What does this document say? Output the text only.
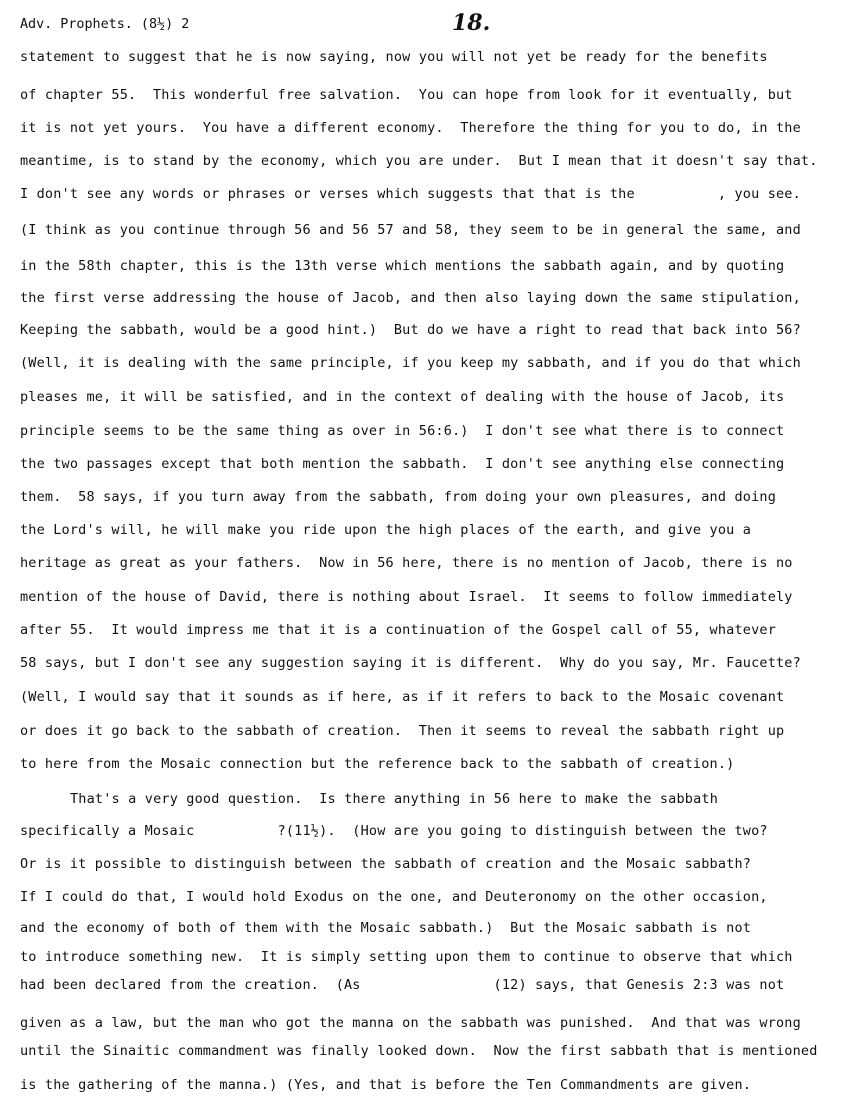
Adv. Prophets. (8½) 2	18.
statement to suggest that he is now saying, now you will not yet be ready for the benefits
of chapter 55.  This wonderful free salvation.  You can hope from look for it eventually, but
it is not yet yours.  You have a different economy.  Therefore the thing for you to do, in the
meantime, is to stand by the economy, which you are under.  But I mean that it doesn't say that.
I don't see any words or phrases or verses which suggests that that is the          , you see.
(I think as you continue through 56 and 56 57 and 58, they seem to be in general the same, and
in the 58th chapter, this is the 13th verse which mentions the sabbath again, and by quoting
the first verse addressing the house of Jacob, and then also laying down the same stipulation,
Keeping the sabbath, would be a good hint.)  But do we have a right to read that back into 56?
(Well, it is dealing with the same principle, if you keep my sabbath, and if you do that which
pleases me, it will be satisfied, and in the context of dealing with the house of Jacob, its
principle seems to be the same thing as over in 56:6.)  I don't see what there is to connect
the two passages except that both mention the sabbath.  I don't see anything else connecting
them.  58 says, if you turn away from the sabbath, from doing your own pleasures, and doing
the Lord's will, he will make you ride upon the high places of the earth, and give you a
heritage as great as your fathers.  Now in 56 here, there is no mention of Jacob, there is no
mention of the house of David, there is nothing about Israel.  It seems to follow immediately
after 55.  It would impress me that it is a continuation of the Gospel call of 55, whatever
58 says, but I don't see any suggestion saying it is different.  Why do you say, Mr. Faucette?
(Well, I would say that it sounds as if here, as if it refers to back to the Mosaic covenant
or does it go back to the sabbath of creation.  Then it seems to reveal the sabbath right up
to here from the Mosaic connection but the reference back to the sabbath of creation.)
That's a very good question.  Is there anything in 56 here to make the sabbath
specifically a Mosaic          ?(11½).  (How are you going to distinguish between the two?
Or is it possible to distinguish between the sabbath of creation and the Mosaic sabbath?
If I could do that, I would hold Exodus on the one, and Deuteronomy on the other occasion,
and the economy of both of them with the Mosaic sabbath.)  But the Mosaic sabbath is not
to introduce something new.  It is simply setting upon them to continue to observe that which
had been declared from the creation.  (As                (12) says, that Genesis 2:3 was not
given as a law, but the man who got the manna on the sabbath was punished.  And that was wrong
until the Sinaitic commandment was finally looked down.  Now the first sabbath that is mentioned
is the gathering of the manna.) (Yes, and that is before the Ten Commandments are given.
